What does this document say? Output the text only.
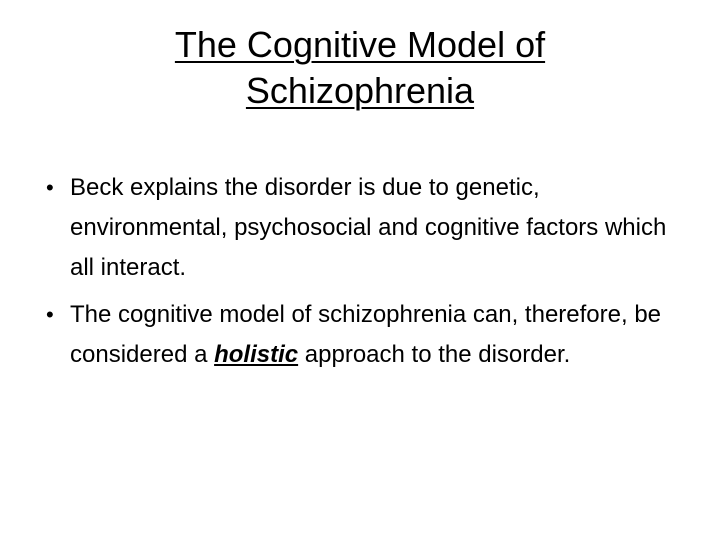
The Cognitive Model of
Schizophrenia
• Beck explains the disorder is due to genetic, environmental, psychosocial and cognitive factors which all interact.
• The cognitive model of schizophrenia can, therefore, be considered a holistic approach to the disorder.
